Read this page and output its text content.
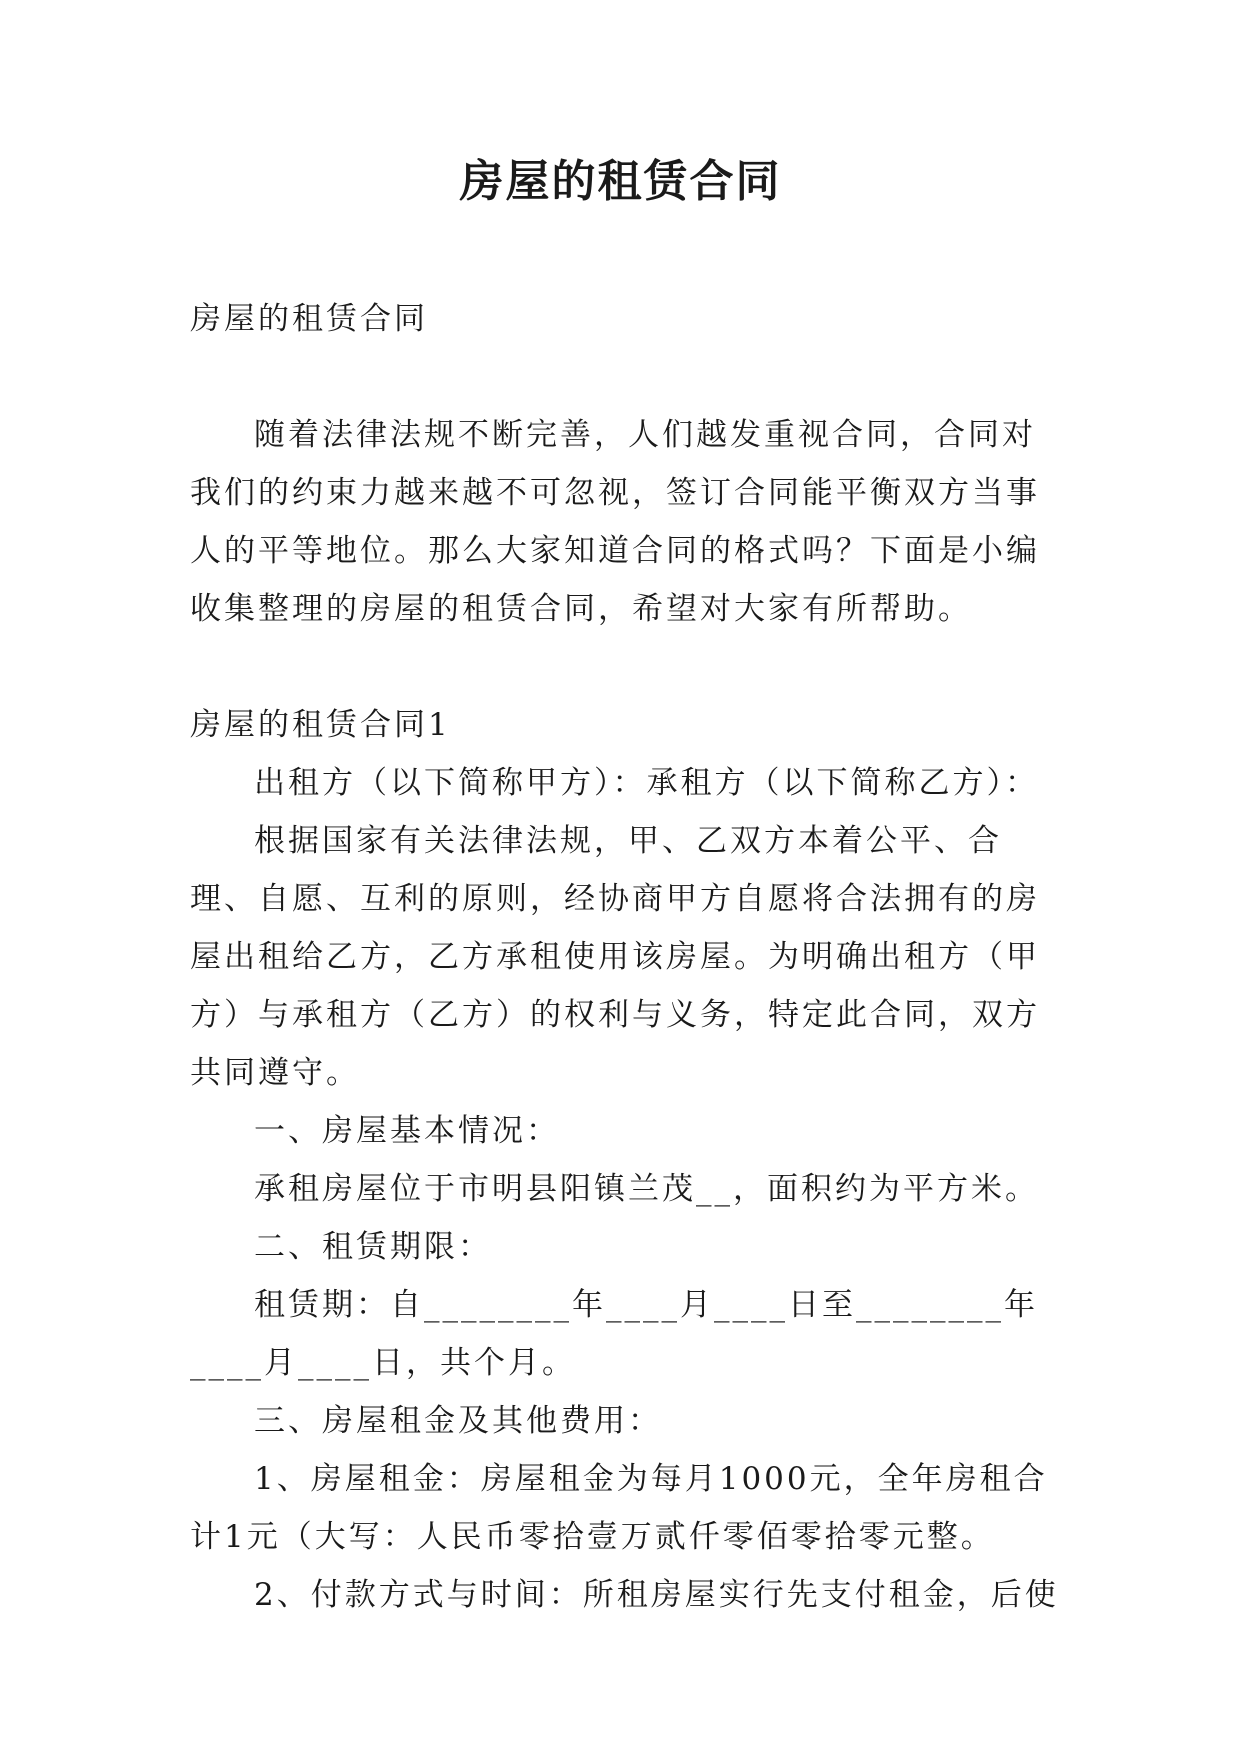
房屋的租赁合同

房屋的租赁合同

随着法律法规不断完善，人们越发重视合同，合同对我们的约束力越来越不可忽视，签订合同能平衡双方当事人的平等地位。那么大家知道合同的格式吗？下面是小编收集整理的房屋的租赁合同，希望对大家有所帮助。

房屋的租赁合同1

出租方（以下简称甲方）：承租方（以下简称乙方）：

根据国家有关法律法规，甲、乙双方本着公平、合理、自愿、互利的原则，经协商甲方自愿将合法拥有的房屋出租给乙方，乙方承租使用该房屋。为明确出租方（甲方）与承租方（乙方）的权利与义务，特定此合同，双方共同遵守。

一、房屋基本情况：

承租房屋位于市明县阳镇兰茂__，面积约为平方米。

二、租赁期限：

租赁期：自________年____月____日至________年____月____日，共个月。

三、房屋租金及其他费用：

1、房屋租金：房屋租金为每月1000元，全年房租合计1元（大写：人民币零拾壹万贰仟零佰零拾零元整。

2、付款方式与时间：所租房屋实行先支付租金，后使
